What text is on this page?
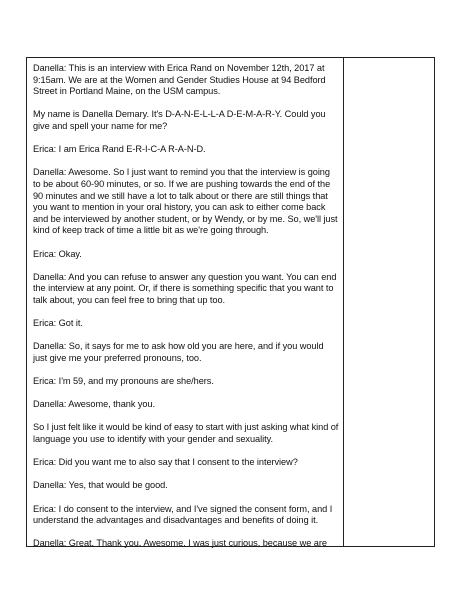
Danella: This is an interview with Erica Rand on November 12th, 2017 at 9:15am. We are at the Women and Gender Studies House at 94 Bedford Street in Portland Maine, on the USM campus.

My name is Danella Demary. It's D-A-N-E-L-L-A D-E-M-A-R-Y. Could you give and spell your name for me?

Erica: I am Erica Rand E-R-I-C-A R-A-N-D.

Danella: Awesome. So I just want to remind you that the interview is going to be about 60-90 minutes, or so. If we are pushing towards the end of the 90 minutes and we still have a lot to talk about or there are still things that you want to mention in your oral history, you can ask to either come back and be interviewed by another student, or by Wendy, or by me. So, we'll just kind of keep track of time a little bit as we're going through.

Erica: Okay.

Danella: And you can refuse to answer any question you want. You can end the interview at any point. Or, if there is something specific that you want to talk about, you can feel free to bring that up too.

Erica: Got it.

Danella: So, it says for me to ask how old you are here, and if you would just give me your preferred pronouns, too.

Erica: I'm 59, and my pronouns are she/hers.

Danella: Awesome, thank you.

So I just felt like it would be kind of easy to start with just asking what kind of language you use to identify with your gender and sexuality.

Erica: Did you want me to also say that I consent to the interview?

Danella: Yes, that would be good.

Erica: I do consent to the interview, and I've signed the consent form, and I understand the advantages and disadvantages and benefits of doing it.

Danella: Great. Thank you. Awesome. I was just curious, because we are
